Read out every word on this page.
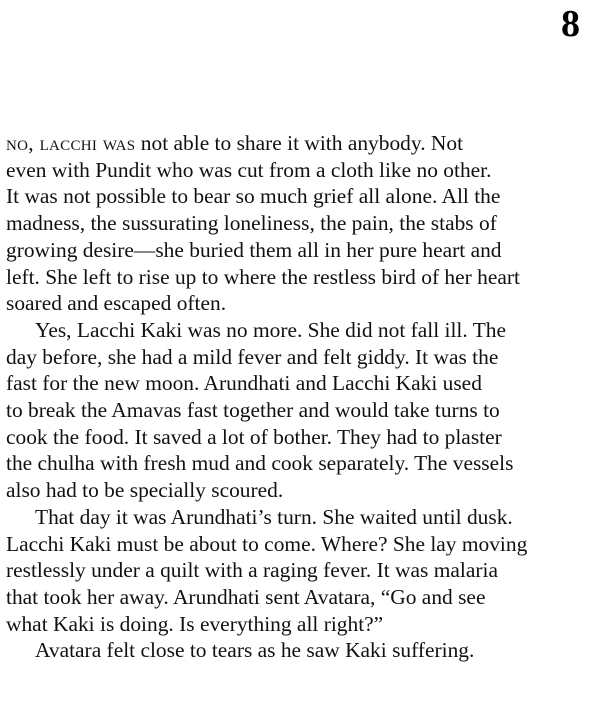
8
no, lacchi was not able to share it with anybody. Not
even with Pundit who was cut from a cloth like no other.
It was not possible to bear so much grief all alone. All the
madness, the sussurating loneliness, the pain, the stabs of
growing desire—she buried them all in her pure heart and
left. She left to rise up to where the restless bird of her heart
soared and escaped often.
Yes, Lacchi Kaki was no more. She did not fall ill. The
day before, she had a mild fever and felt giddy. It was the
fast for the new moon. Arundhati and Lacchi Kaki used
to break the Amavas fast together and would take turns to
cook the food. It saved a lot of bother. They had to plaster
the chulha with fresh mud and cook separately. The vessels
also had to be specially scoured.
That day it was Arundhati’s turn. She waited until dusk.
Lacchi Kaki must be about to come. Where? She lay moving
restlessly under a quilt with a raging fever. It was malaria
that took her away. Arundhati sent Avatara, “Go and see
what Kaki is doing. Is everything all right?”
Avatara felt close to tears as he saw Kaki suffering.
